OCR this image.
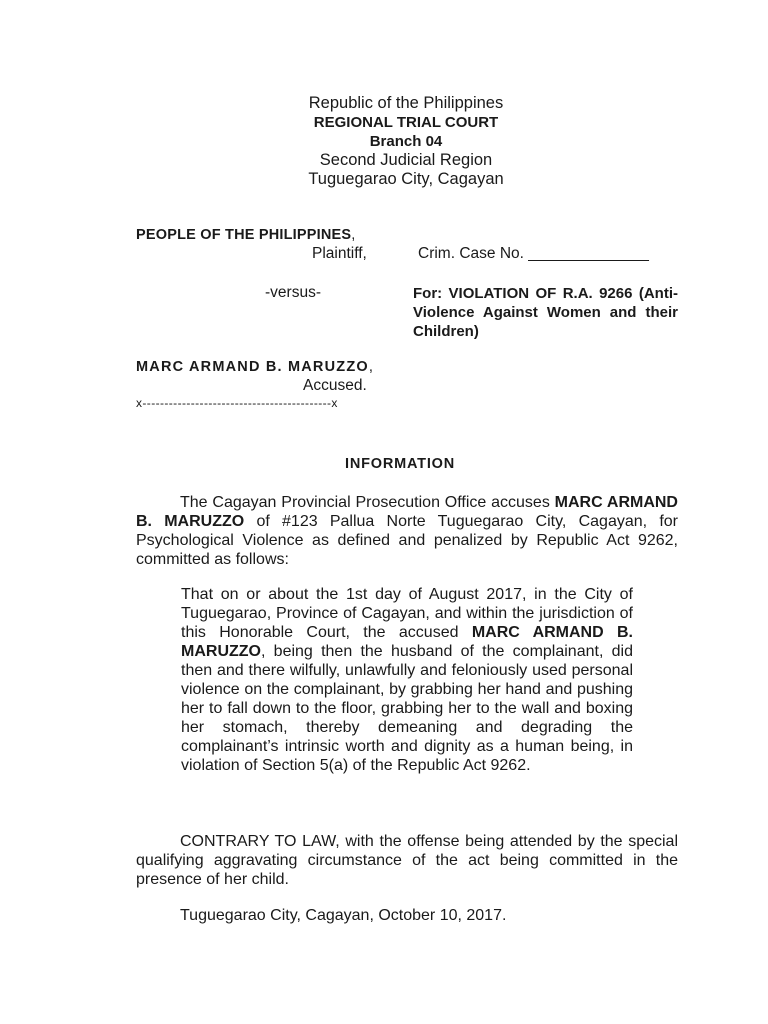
Republic of the Philippines
REGIONAL TRIAL COURT
Branch 04
Second Judicial Region
Tuguegarao City, Cagayan
PEOPLE OF THE PHILIPPINES,
Plaintiff,	Crim. Case No. ______________
-versus-	For: VIOLATION OF R.A. 9266 (Anti- Violence Against Women and their Children)
MARC ARMAND B. MARUZZO,
Accused.
x-------------------------------------------x
INFORMATION
The Cagayan Provincial Prosecution Office accuses MARC ARMAND B. MARUZZO of #123 Pallua Norte Tuguegarao City, Cagayan, for Psychological Violence as defined and penalized by Republic Act 9262, committed as follows:
That on or about the 1st day of August 2017, in the City of Tuguegarao, Province of Cagayan, and within the jurisdiction of this Honorable Court, the accused MARC ARMAND B. MARUZZO, being then the husband of the complainant, did then and there wilfully, unlawfully and feloniously used personal violence on the complainant, by grabbing her hand and pushing her to fall down to the floor, grabbing her to the wall and boxing her stomach, thereby demeaning and degrading the complainant’s intrinsic worth and dignity as a human being, in violation of Section 5(a) of the Republic Act 9262.
CONTRARY TO LAW, with the offense being attended by the special qualifying aggravating circumstance of the act being committed in the presence of her child.
Tuguegarao City, Cagayan, October 10, 2017.
